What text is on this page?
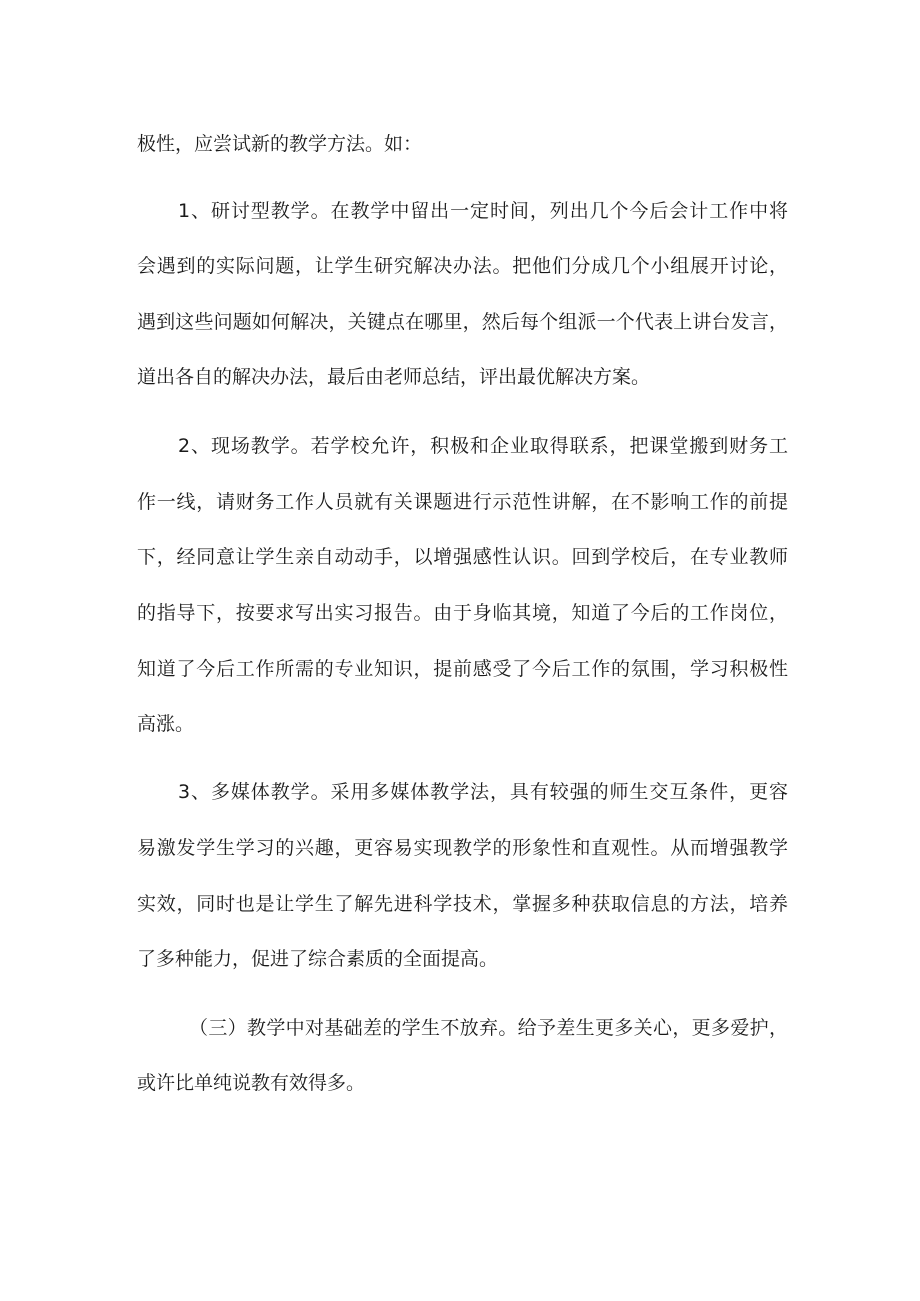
极性，应尝试新的教学方法。如：

1、研讨型教学。在教学中留出一定时间，列出几个今后会计工作中将

会遇到的实际问题，让学生研究解决办法。把他们分成几个小组展开讨论，

遇到这些问题如何解决，关键点在哪里，然后每个组派一个代表上讲台发言，

道出各自的解决办法，最后由老师总结，评出最优解决方案。

2、现场教学。若学校允许，积极和企业取得联系，把课堂搬到财务工

作一线，请财务工作人员就有关课题进行示范性讲解，在不影响工作的前提

下，经同意让学生亲自动动手，以增强感性认识。回到学校后，在专业教师

的指导下，按要求写出实习报告。由于身临其境，知道了今后的工作岗位，

知道了今后工作所需的专业知识，提前感受了今后工作的氛围，学习积极性

高涨。

3、多媒体教学。采用多媒体教学法，具有较强的师生交互条件，更容

易激发学生学习的兴趣，更容易实现教学的形象性和直观性。从而增强教学

实效，同时也是让学生了解先进科学技术，掌握多种获取信息的方法，培养

了多种能力，促进了综合素质的全面提高。

（三）教学中对基础差的学生不放弃。给予差生更多关心，更多爱护，

或许比单纯说教有效得多。
